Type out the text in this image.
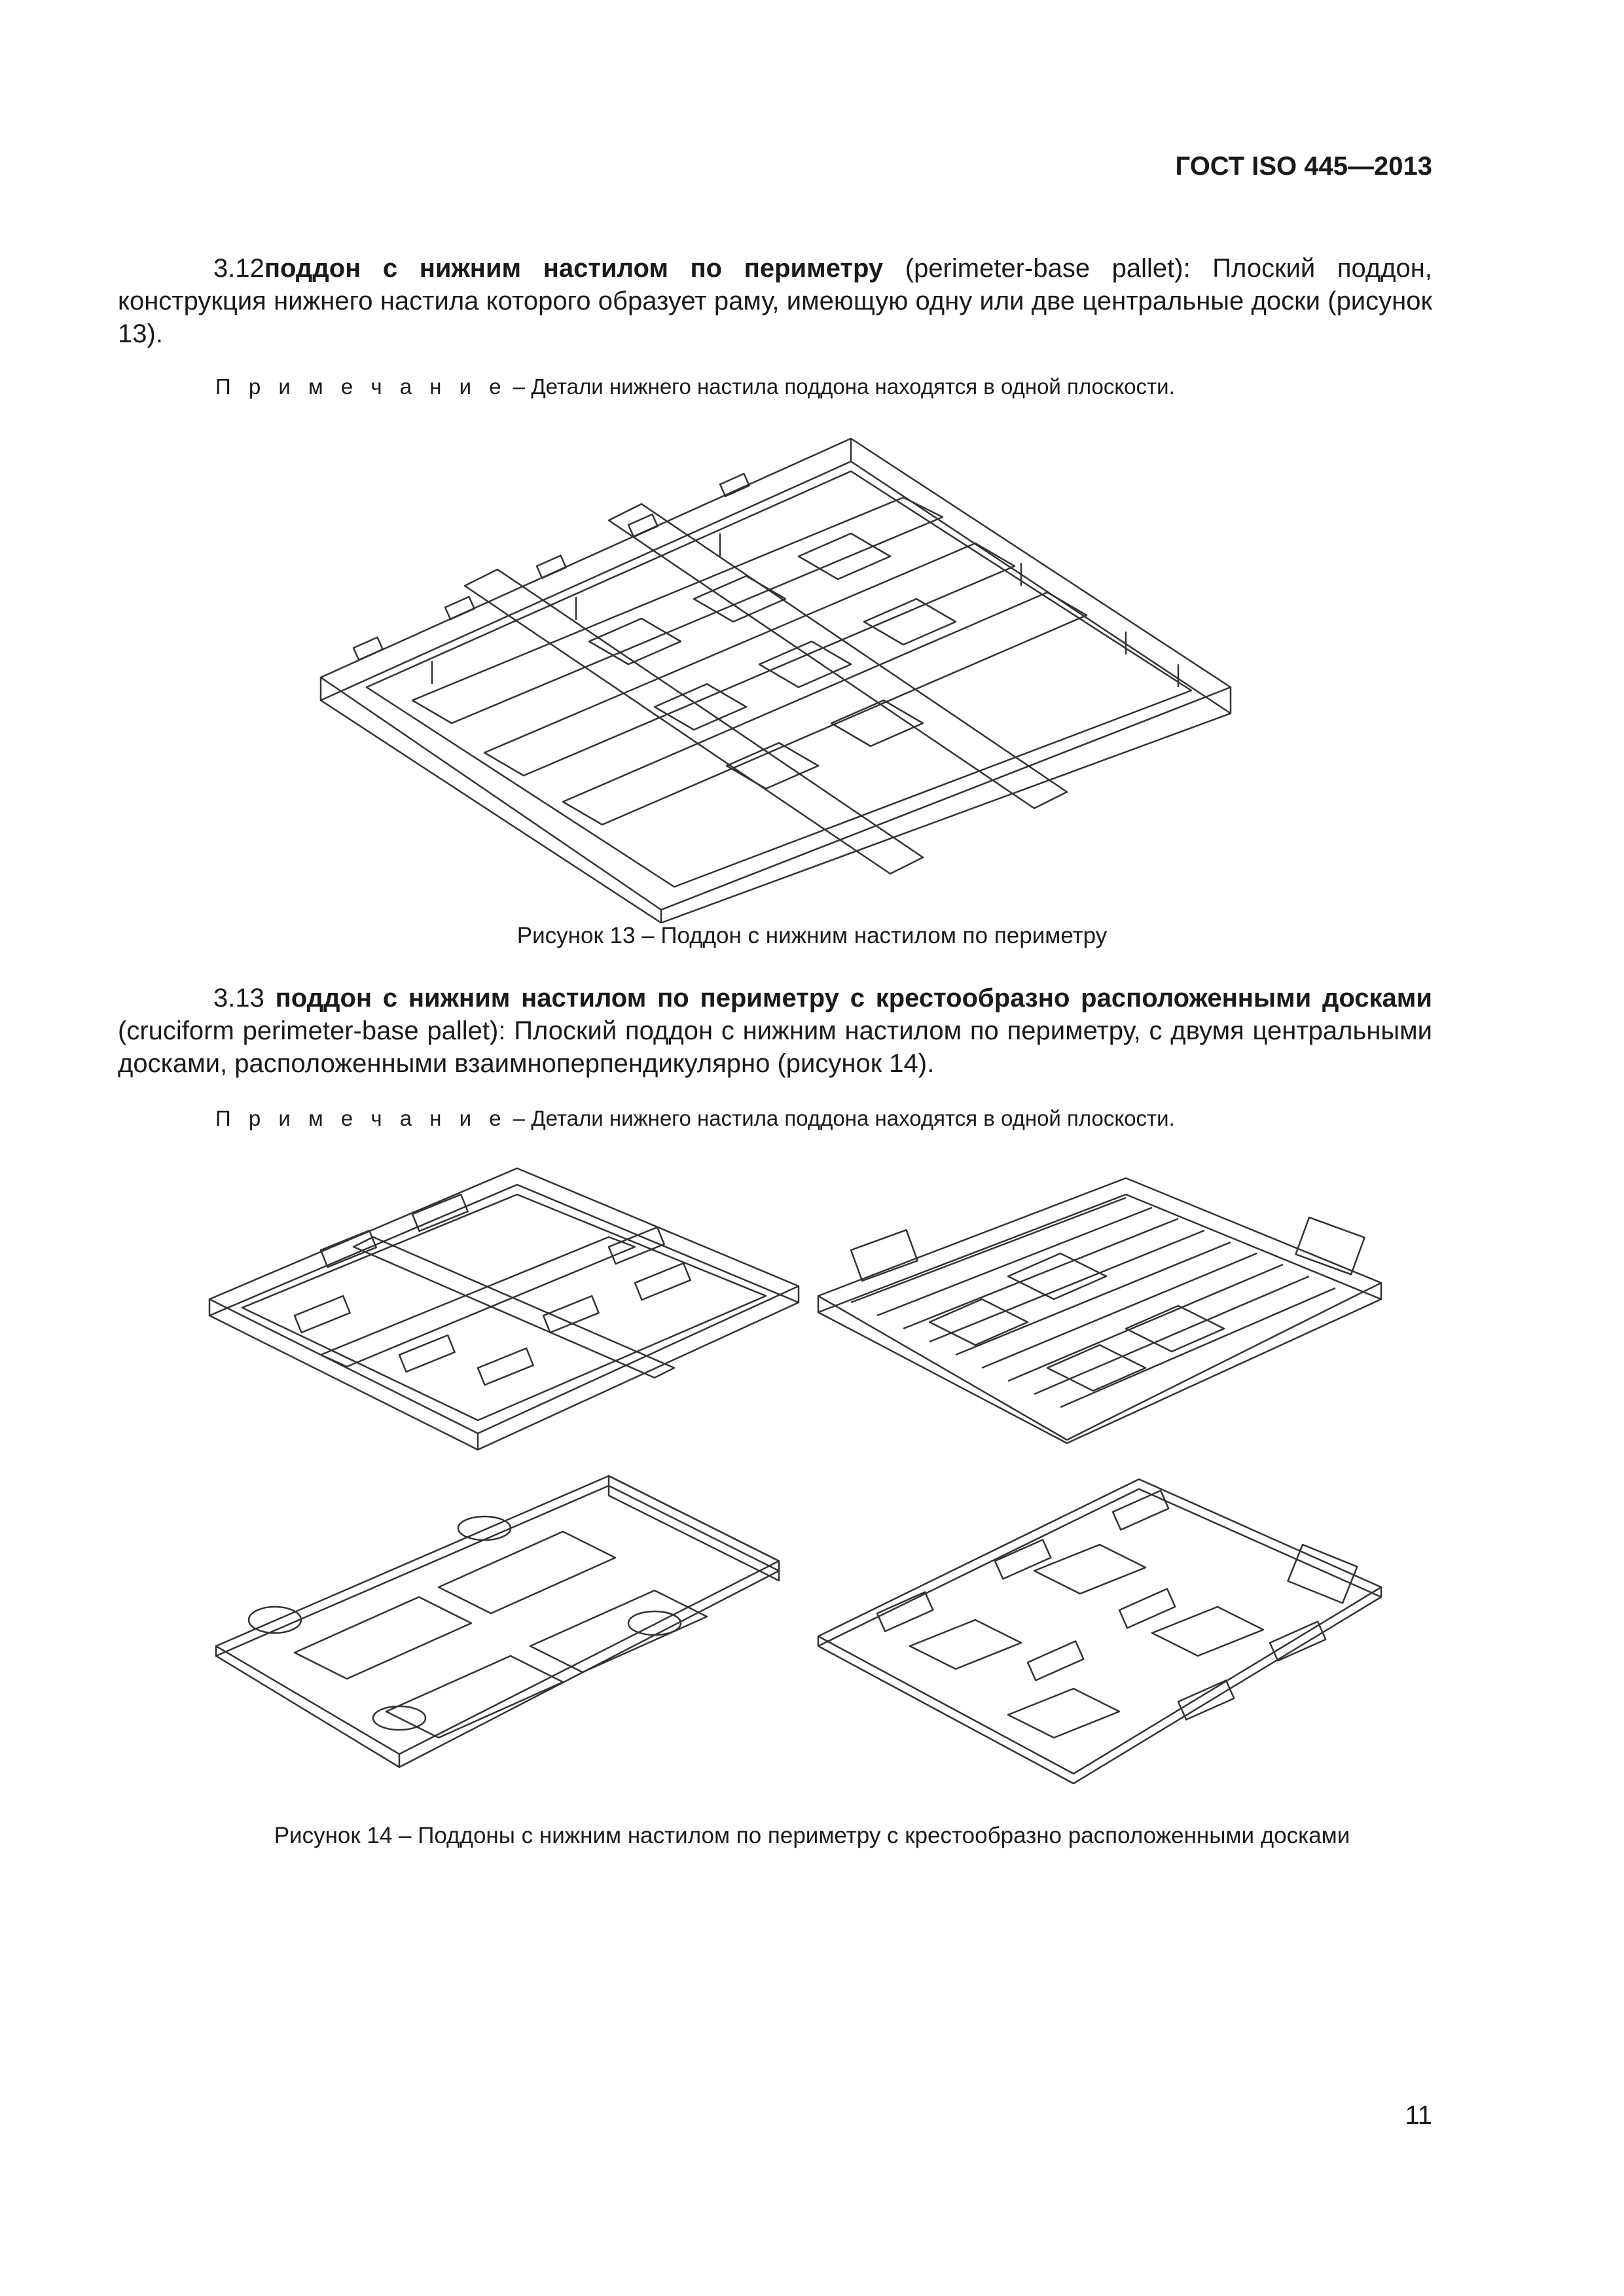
ГОСТ ISO 445—2013
3.12поддон с нижним настилом по периметру (perimeter-base pallet): Плоский поддон, конструкция нижнего настила которого образует раму, имеющую одну или две центральные доски (рисунок 13).
П р и м е ч а н и е – Детали нижнего настила поддона находятся в одной плоскости.
Рисунок 13 – Поддон с нижним настилом по периметру
3.13 поддон с нижним настилом по периметру с крестообразно расположенными досками (cruciform perimeter-base pallet): Плоский поддон с нижним настилом по периметру, с двумя центральными досками, расположенными взаимноперпендикулярно (рисунок 14).
П р и м е ч а н и е – Детали нижнего настила поддона находятся в одной плоскости.
Рисунок 14 – Поддоны с нижним настилом по периметру с крестообразно расположенными досками
11
